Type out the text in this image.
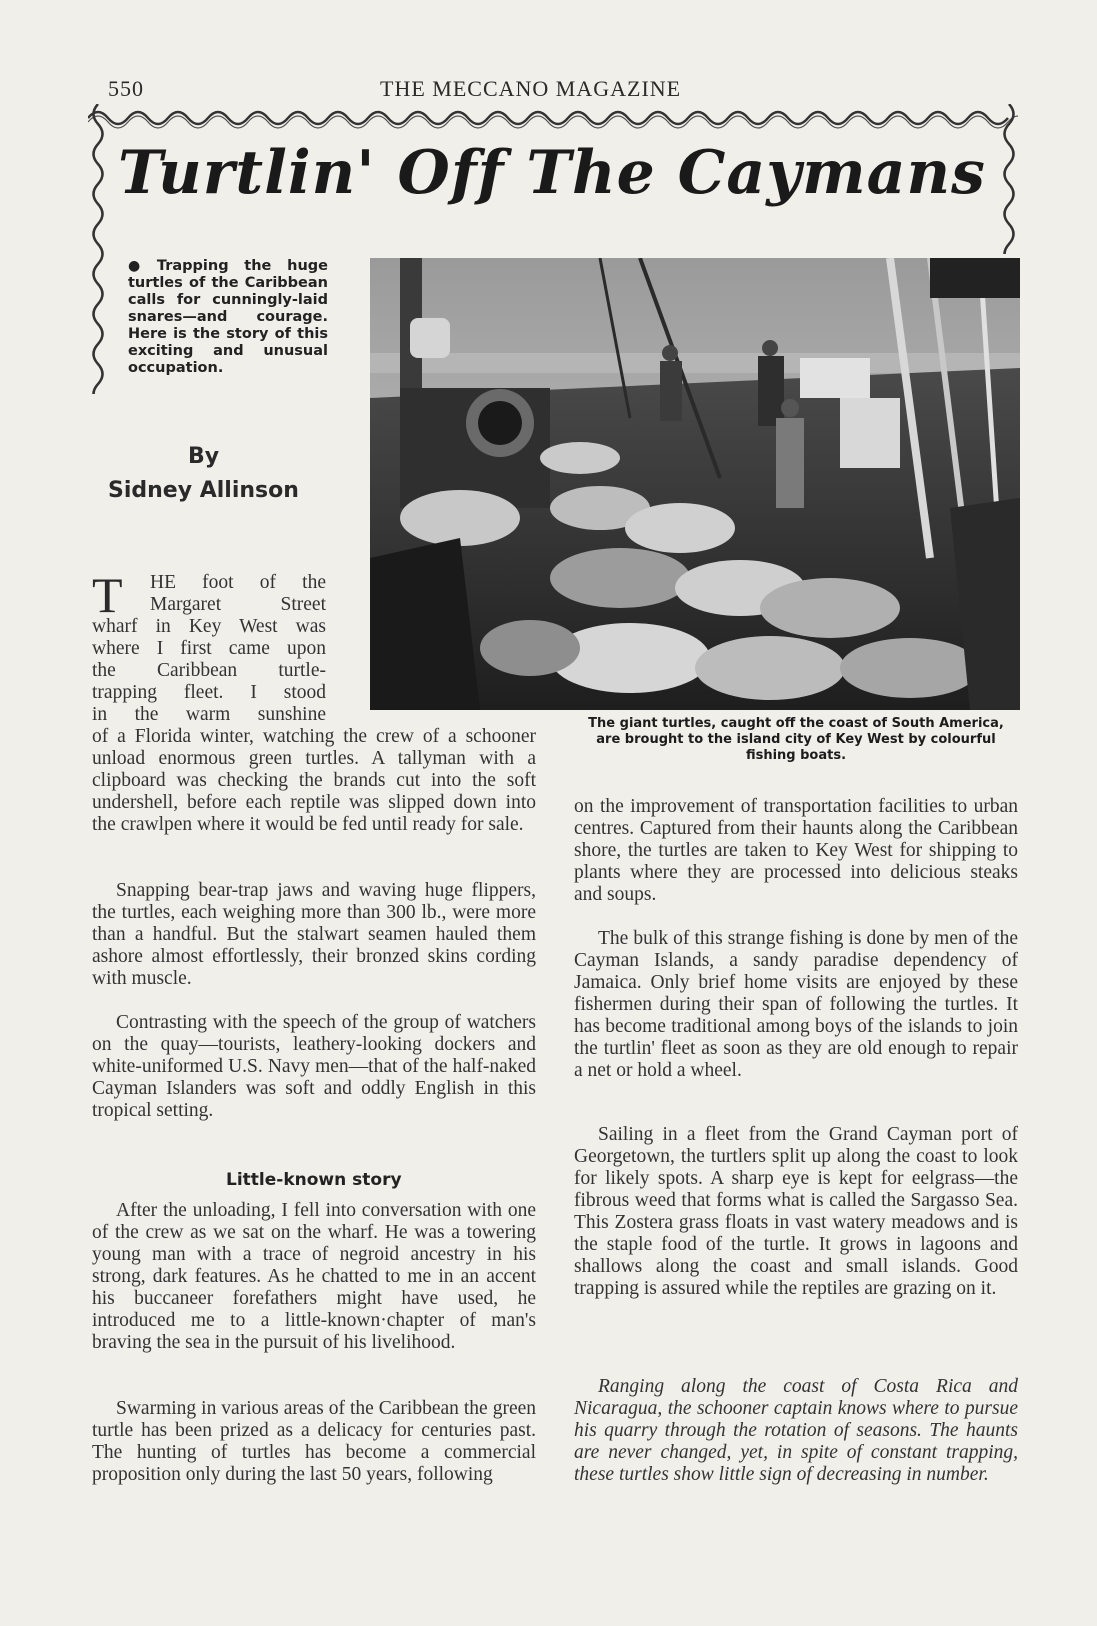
550	THE MECCANO MAGAZINE
Turtlin' Off The Caymans
● Trapping the huge turtles of the Caribbean calls for cunningly-laid snares—and courage. Here is the story of this exciting and unusual occupation.
By
Sidney Allinson
The giant turtles, caught off the coast of South America, are brought to the island city of Key West by colourful fishing boats.
T HE foot of the

Margaret Street

wharf in Key West was

where I first came upon

the Caribbean turtle-

trapping fleet. I stood

in the warm sunshine

of a Florida winter, watching the crew of a schooner unload enormous green turtles. A tallyman with a clipboard was checking the brands cut into the soft undershell, before each reptile was slipped down into the crawlpen where it would be fed until ready for sale.

Snapping bear-trap jaws and waving huge flippers, the turtles, each weighing more than 300 lb., were more than a handful. But the stalwart seamen hauled them ashore almost effortlessly, their bronzed skins cording with muscle.

Contrasting with the speech of the group of watchers on the quay—tourists, leathery-looking dockers and white-uniformed U.S. Navy men—that of the half-naked Cayman Islanders was soft and oddly English in this tropical setting.

Little-known story

After the unloading, I fell into conversation with one of the crew as we sat on the wharf. He was a towering young man with a trace of negroid ancestry in his strong, dark features. As he chatted to me in an accent his buccaneer forefathers might have used, he introduced me to a little-known·chapter of man's braving the sea in the pursuit of his livelihood.

Swarming in various areas of the Caribbean the green turtle has been prized as a delicacy for centuries past. The hunting of turtles has become a commercial proposition only during the last 50 years, following

on the improvement of transportation facilities to urban centres. Captured from their haunts along the Caribbean shore, the turtles are taken to Key West for shipping to plants where they are processed into delicious steaks and soups.

The bulk of this strange fishing is done by men of the Cayman Islands, a sandy paradise dependency of Jamaica. Only brief home visits are enjoyed by these fishermen during their span of following the turtles. It has become traditional among boys of the islands to join the turtlin' fleet as soon as they are old enough to repair a net or hold a wheel.

Sailing in a fleet from the Grand Cayman port of Georgetown, the turtlers split up along the coast to look for likely spots. A sharp eye is kept for eelgrass—the fibrous weed that forms what is called the Sargasso Sea. This Zostera grass floats in vast watery meadows and is the staple food of the turtle. It grows in lagoons and shallows along the coast and small islands. Good trapping is assured while the reptiles are grazing on it.

Ranging along the coast of Costa Rica and Nicaragua, the schooner captain knows where to pursue his quarry through the rotation of seasons. The haunts are never changed, yet, in spite of constant trapping, these turtles show little sign of decreasing in number.
